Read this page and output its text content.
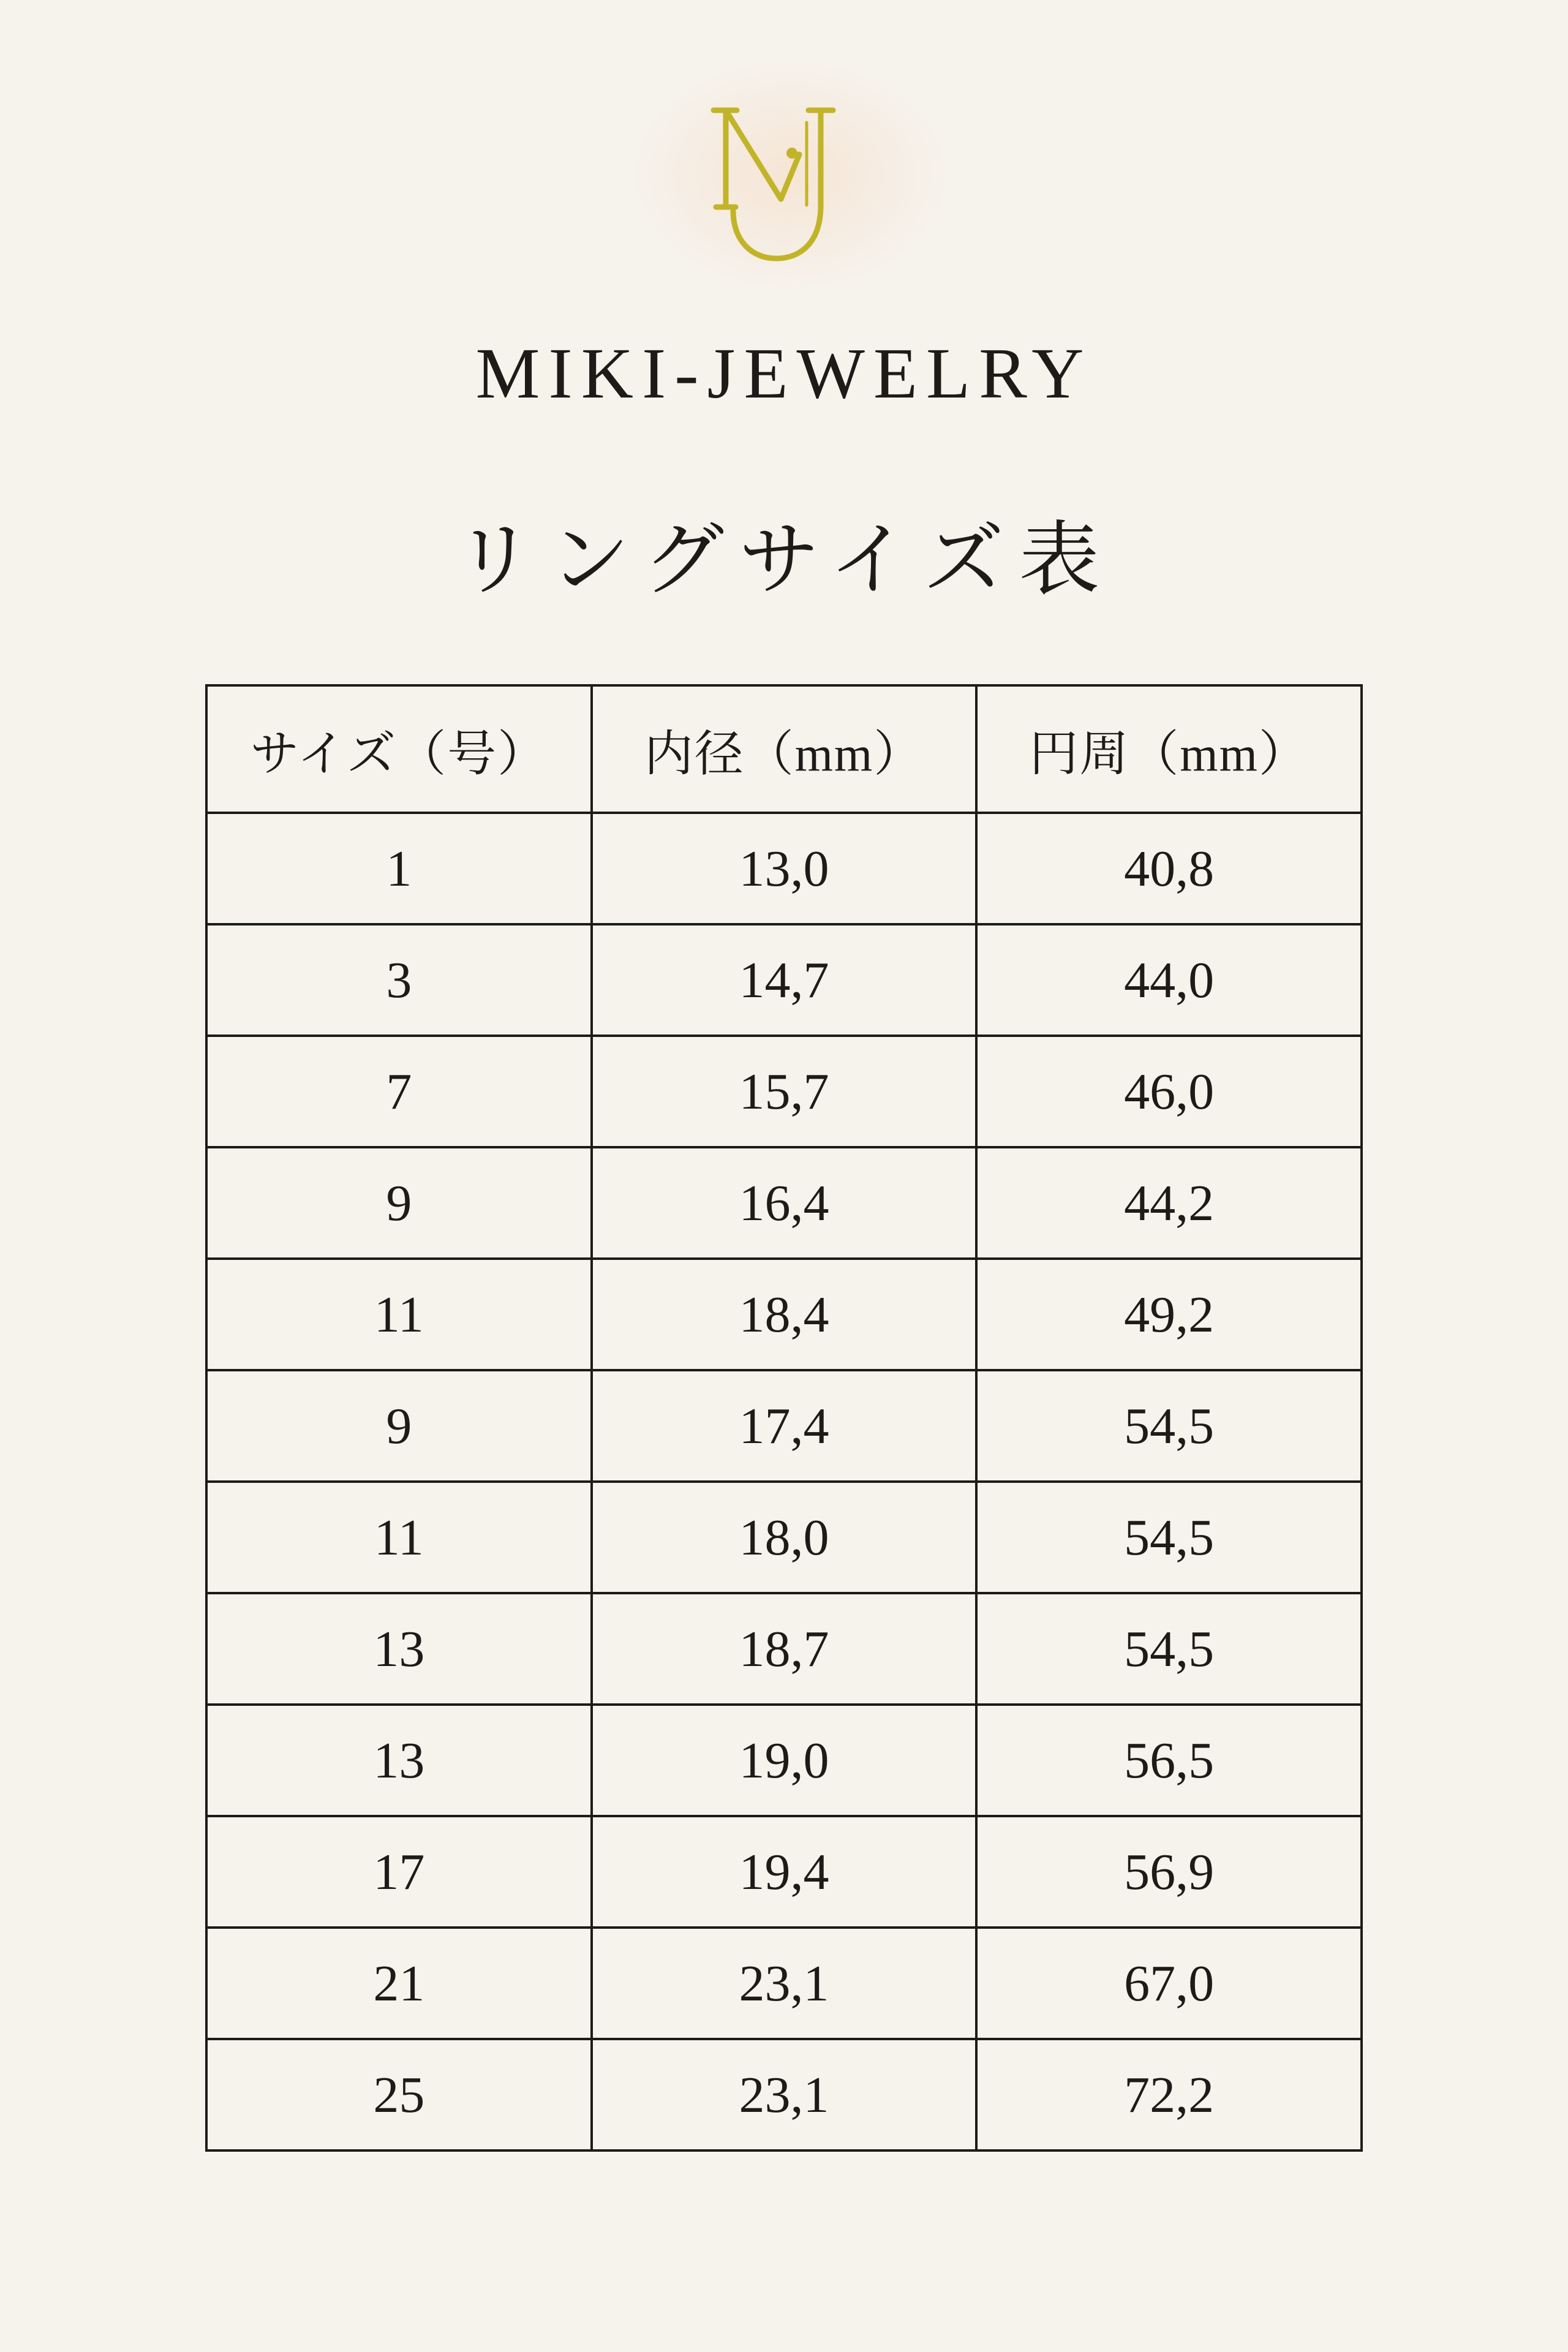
MIKI-JEWELRY
リングサイズ表
サイズ（号）	内径（mm）	円周（mm）
1	13,0	40,8
3	14,7	44,0
7	15,7	46,0
9	16,4	44,2
11	18,4	49,2
9	17,4	54,5
11	18,0	54,5
13	18,7	54,5
13	19,0	56,5
17	19,4	56,9
21	23,1	67,0
25	23,1	72,2
